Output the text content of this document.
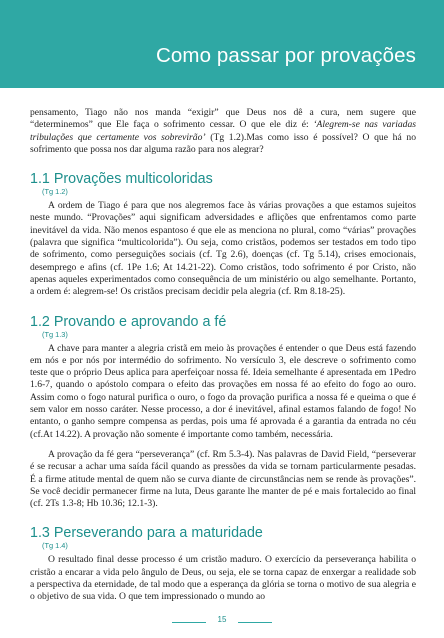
Como passar por provações

pensamento, Tiago não nos manda “exigir” que Deus nos dê a cura, nem sugere que “determinemos” que Ele faça o sofrimento cessar. O que ele diz é: ‘Alegrem-se nas variadas tribulações que certamente vos sobrevirão’ (Tg 1.2).Mas como isso é possível? O que há no sofrimento que possa nos dar alguma razão para nos alegrar?

1.1 Provações multicoloridas
(Tg 1.2)

A ordem de Tiago é para que nos alegremos face às várias provações a que estamos sujeitos neste mundo. “Provações” aqui significam adversidades e aflições que enfrentamos como parte inevitável da vida. Não menos espantoso é que ele as menciona no plural, como “várias” provações (palavra que significa “multicolorida”). Ou seja, como cristãos, podemos ser testados em todo tipo de sofrimento, como perseguições sociais (cf. Tg 2.6), doenças (cf. Tg 5.14), crises emocionais, desemprego e afins (cf. 1Pe 1.6; At 14.21-22). Como cristãos, todo sofrimento é por Cristo, não apenas aqueles experimentados como consequência de um ministério ou algo semelhante. Portanto, a ordem é: alegrem-se! Os cristãos precisam decidir pela alegria (cf. Rm 8.18-25).

1.2 Provando e aprovando a fé
(Tg 1.3)

A chave para manter a alegria cristã em meio às provações é entender o que Deus está fazendo em nós e por nós por intermédio do sofrimento. No versículo 3, ele descreve o sofrimento como teste que o próprio Deus aplica para aperfeiçoar nossa fé. Ideia semelhante é apresentada em 1Pedro 1.6-7, quando o apóstolo compara o efeito das provações em nossa fé ao efeito do fogo ao ouro. Assim como o fogo natural purifica o ouro, o fogo da provação purifica a nossa fé e queima o que é sem valor em nosso caráter. Nesse processo, a dor é inevitável, afinal estamos falando de fogo! No entanto, o ganho sempre compensa as perdas, pois uma fé aprovada é a garantia da entrada no céu (cf.At 14.22). A provação não somente é importante como também, necessária.

A provação da fé gera “perseverança” (cf. Rm 5.3-4). Nas palavras de David Field, “perseverar é se recusar a achar uma saída fácil quando as pressões da vida se tornam particularmente pesadas. É a firme atitude mental de quem não se curva diante de circunstâncias nem se rende às provações”. Se você decidir permanecer firme na luta, Deus garante lhe manter de pé e mais fortalecido ao final (cf. 2Ts 1.3-8; Hb 10.36; 12.1-3).

1.3 Perseverando para a maturidade
(Tg 1.4)

O resultado final desse processo é um cristão maduro. O exercício da perseverança habilita o cristão a encarar a vida pelo ângulo de Deus, ou seja, ele se torna capaz de enxergar a realidade sob a perspectiva da eternidade, de tal modo que a esperança da glória se torna o motivo de sua alegria e o objetivo de sua vida. O que tem impressionado o mundo ao

15
